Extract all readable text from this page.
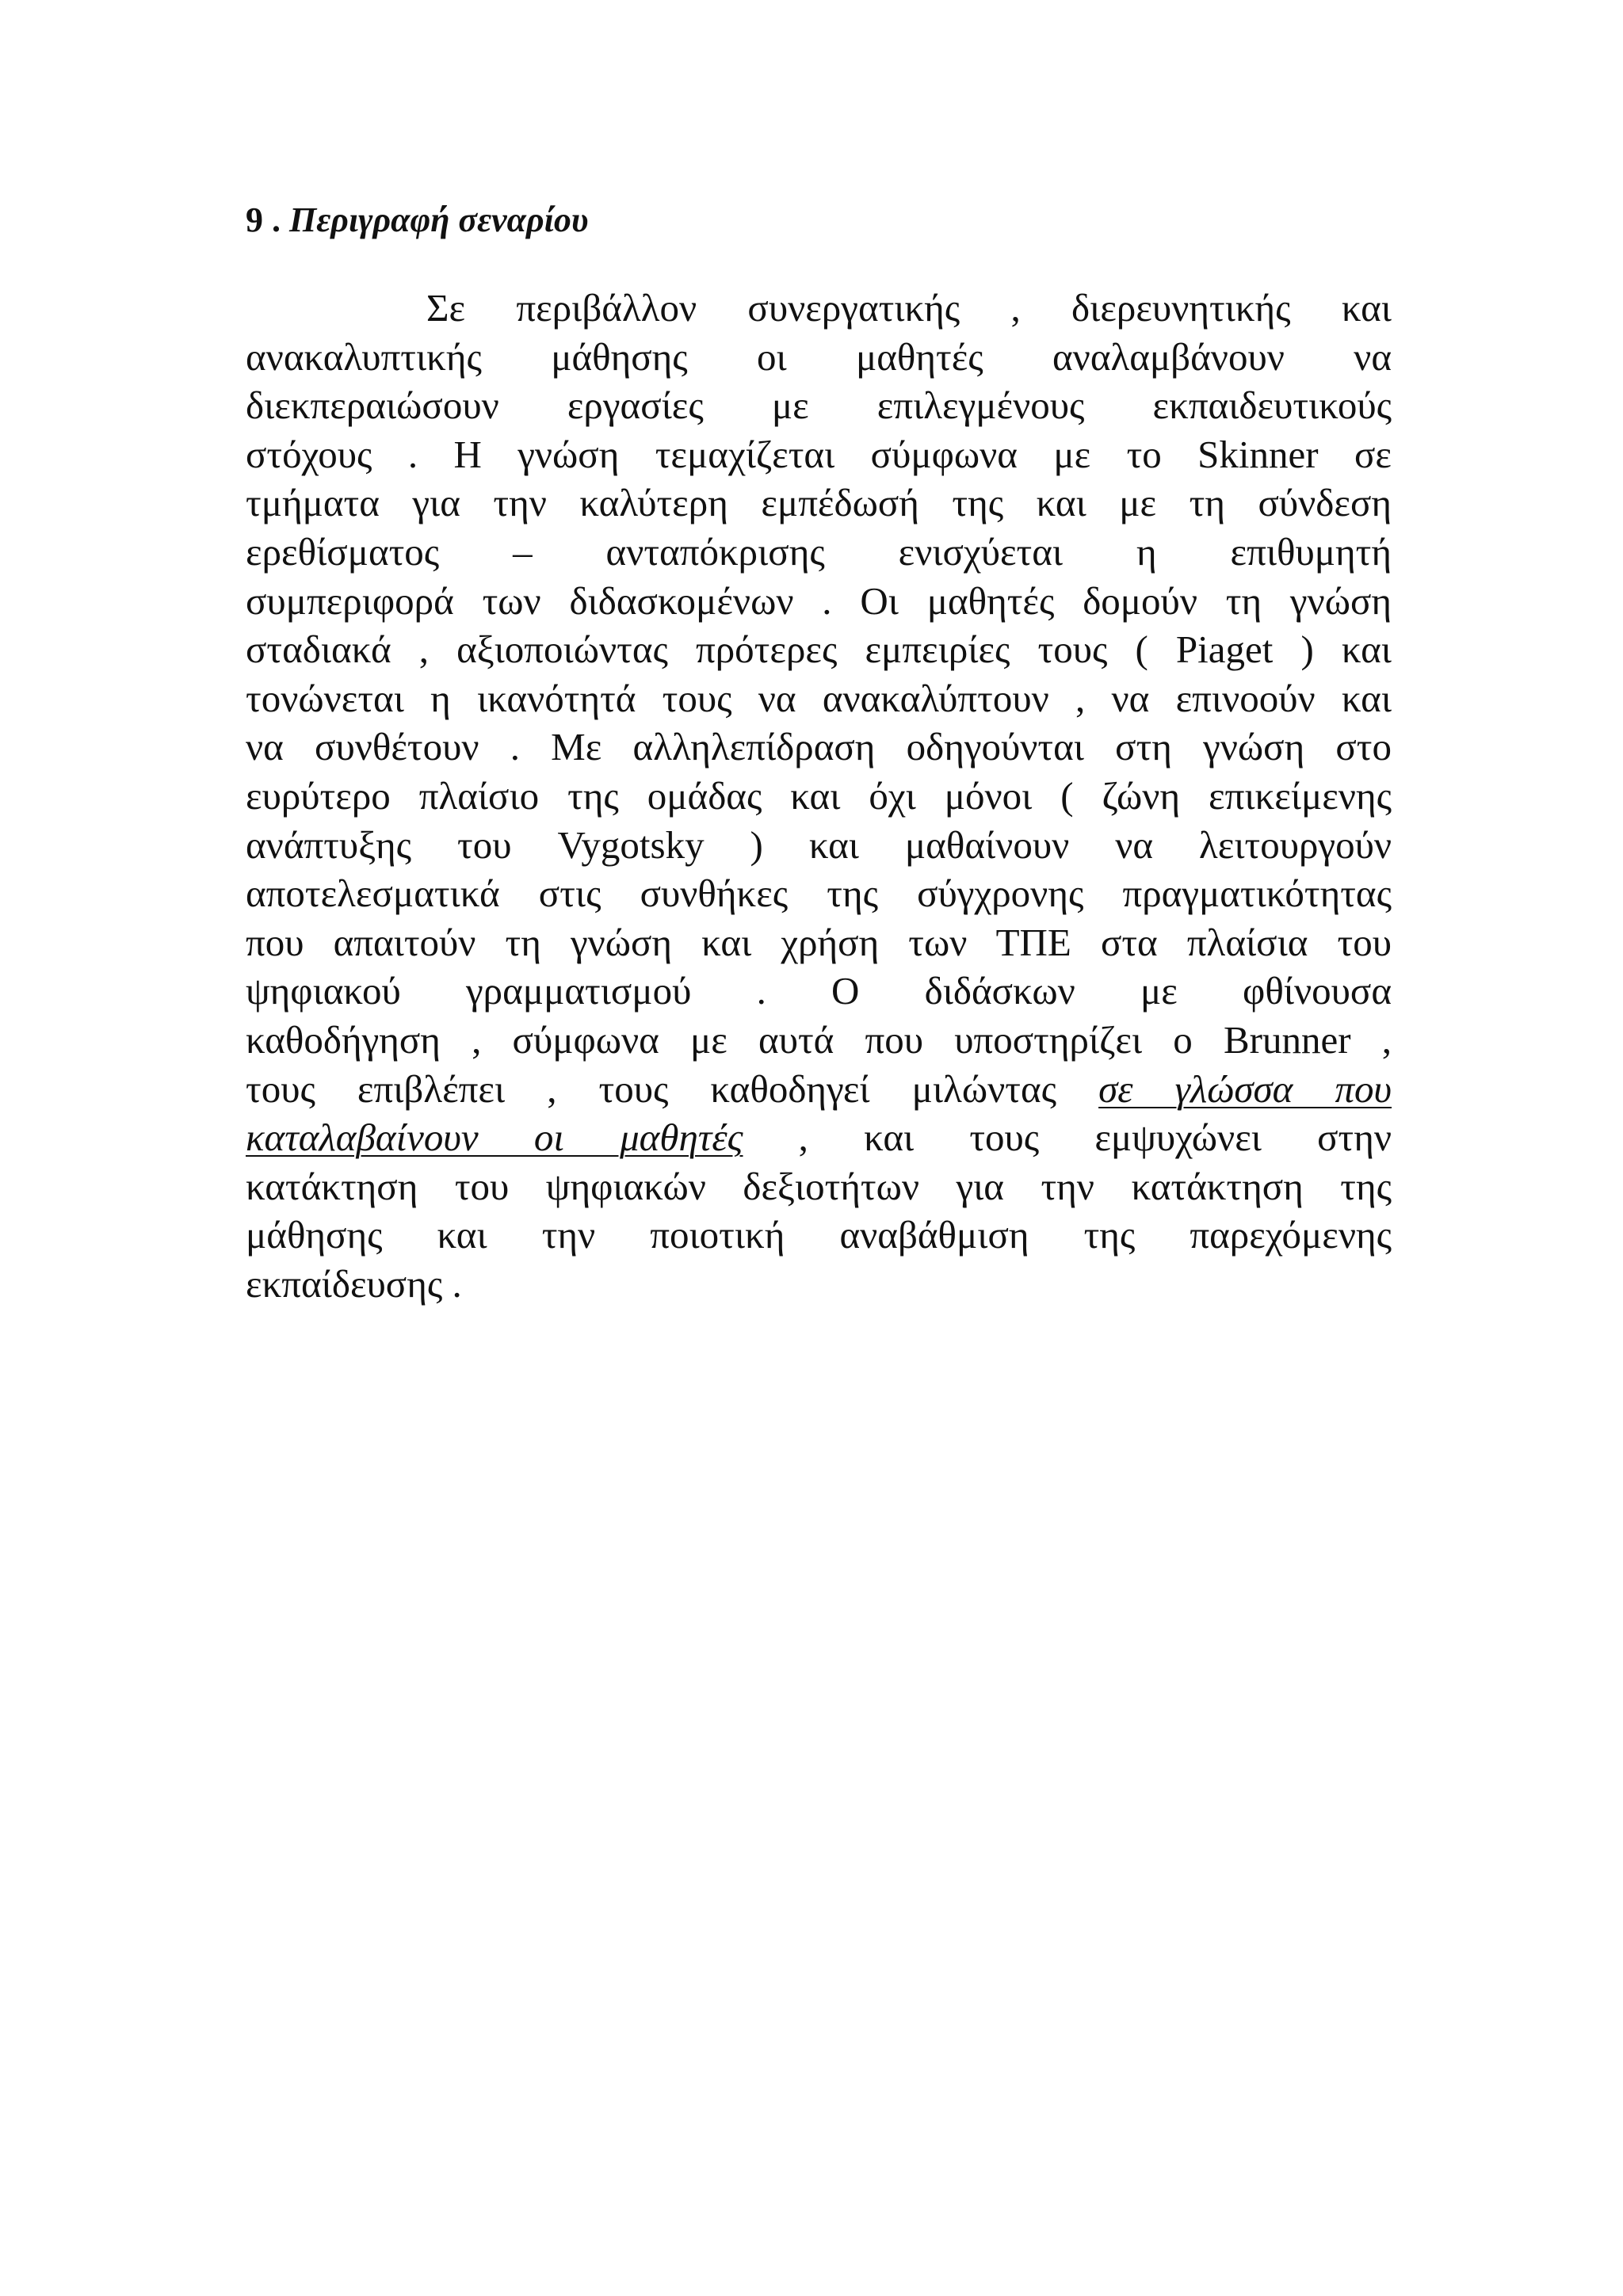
9 . Περιγραφή σεναρίου
Σε περιβάλλον συνεργατικής , διερευνητικής και
ανακαλυπτικής μάθησης οι μαθητές αναλαμβάνουν να
διεκπεραιώσουν εργασίες με επιλεγμένους εκπαιδευτικούς
στόχους . Η γνώση τεμαχίζεται σύμφωνα με το Skinner σε
τμήματα για την καλύτερη εμπέδωσή της και με τη σύνδεση
ερεθίσματος – ανταπόκρισης ενισχύεται η επιθυμητή
συμπεριφορά των διδασκομένων . Οι μαθητές δομούν τη γνώση
σταδιακά , αξιοποιώντας πρότερες εμπειρίες τους ( Piaget ) και
τονώνεται η ικανότητά τους να ανακαλύπτουν , να επινοούν και
να συνθέτουν . Με αλληλεπίδραση οδηγούνται στη γνώση στο
ευρύτερο πλαίσιο της ομάδας και όχι μόνοι ( ζώνη επικείμενης
ανάπτυξης του Vygotsky ) και μαθαίνουν να λειτουργούν
αποτελεσματικά στις συνθήκες της σύγχρονης πραγματικότητας
που απαιτούν τη γνώση και χρήση των ΤΠΕ στα πλαίσια του
ψηφιακού γραμματισμού . Ο διδάσκων με φθίνουσα
καθοδήγηση , σύμφωνα με αυτά που υποστηρίζει ο Brunner ,
τους επιβλέπει , τους καθοδηγεί μιλώντας σε γλώσσα που
καταλαβαίνουν οι μαθητές , και τους εμψυχώνει στην
κατάκτηση του ψηφιακών δεξιοτήτων για την κατάκτηση της
μάθησης και την ποιοτική αναβάθμιση της παρεχόμενης
εκπαίδευσης .
